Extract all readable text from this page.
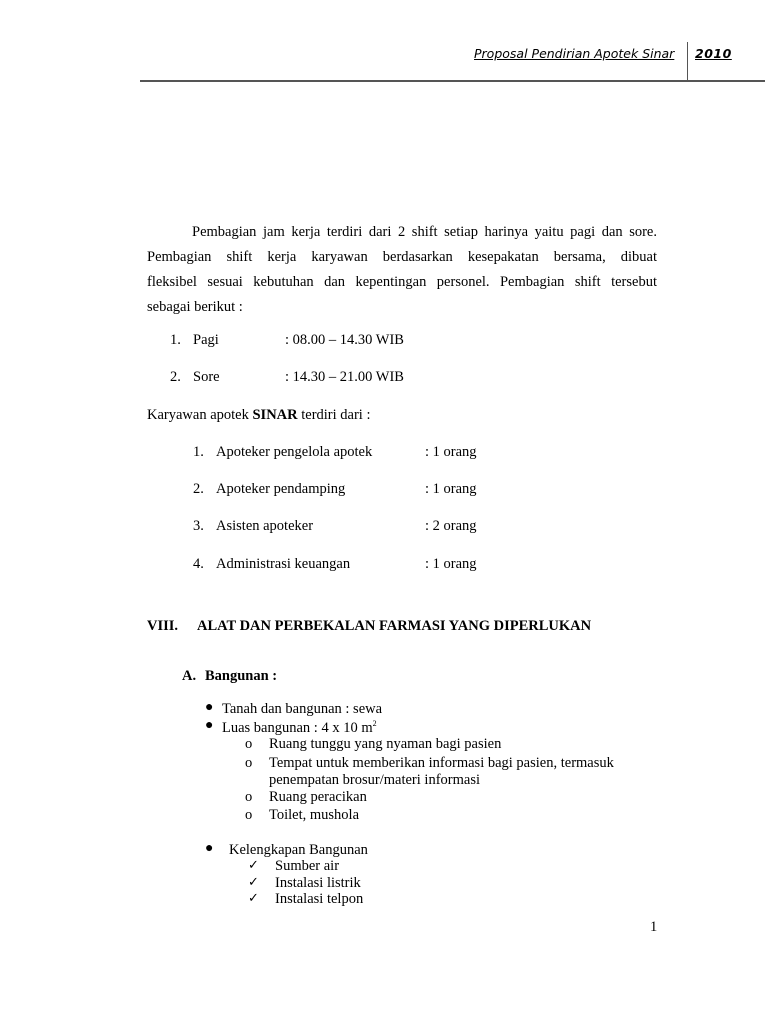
Proposal Pendirian Apotek Sinar 2010
Pembagian jam kerja terdiri dari 2 shift setiap harinya yaitu pagi dan sore.
Pembagian shift kerja karyawan berdasarkan kesepakatan bersama, dibuat
fleksibel sesuai kebutuhan dan kepentingan personel. Pembagian shift tersebut
sebagai berikut :
1. Pagi	: 08.00 – 14.30 WIB
2. Sore	: 14.30 – 21.00 WIB
Karyawan apotek SINAR terdiri dari :
1. Apoteker pengelola apotek	: 1 orang
2. Apoteker pendamping	: 1 orang
3. Asisten apoteker	: 2 orang
4. Administrasi keuangan	: 1 orang
VIII. ALAT DAN PERBEKALAN FARMASI YANG DIPERLUKAN
A. Bangunan :
● Tanah dan bangunan : sewa
● Luas bangunan : 4 x 10 $m^2$
o Ruang tunggu yang nyaman bagi pasien
o Tempat untuk memberikan informasi bagi pasien, termasuk
penempatan brosur/materi informasi
o Ruang peracikan
o Toilet, mushola
● Kelengkapan Bangunan
✓ Sumber air
✓ Instalasi listrik
✓ Instalasi telpon
1
